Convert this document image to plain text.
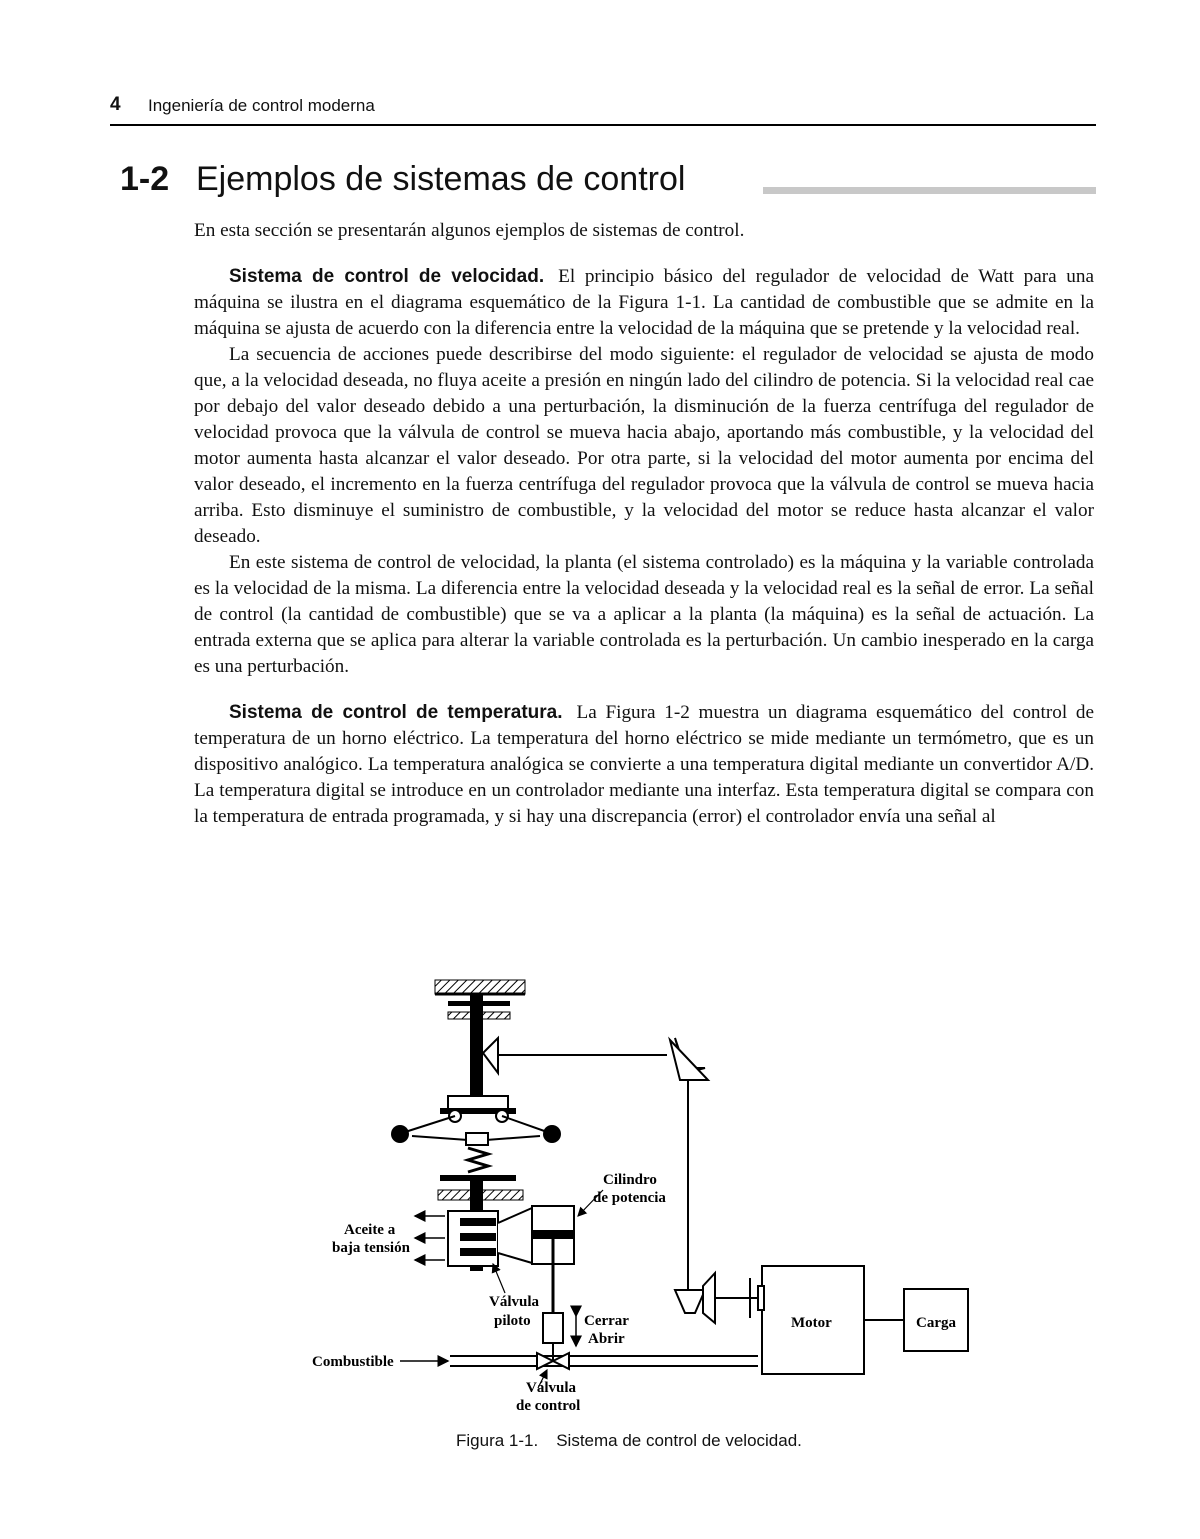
4 Ingeniería de control moderna
1-2 Ejemplos de sistemas de control

En esta sección se presentarán algunos ejemplos de sistemas de control.

Sistema de control de velocidad. El principio básico del regulador de velocidad de Watt para una máquina se ilustra en el diagrama esquemático de la Figura 1-1. La cantidad de combustible que se admite en la máquina se ajusta de acuerdo con la diferencia entre la velocidad de la máquina que se pretende y la velocidad real.

La secuencia de acciones puede describirse del modo siguiente: el regulador de velocidad se ajusta de modo que, a la velocidad deseada, no fluya aceite a presión en ningún lado del cilindro de potencia. Si la velocidad real cae por debajo del valor deseado debido a una perturbación, la disminución de la fuerza centrífuga del regulador de velocidad provoca que la válvula de control se mueva hacia abajo, aportando más combustible, y la velocidad del motor aumenta hasta alcanzar el valor deseado. Por otra parte, si la velocidad del motor aumenta por encima del valor deseado, el incremento en la fuerza centrífuga del regulador provoca que la válvula de control se mueva hacia arriba. Esto disminuye el suministro de combustible, y la velocidad del motor se reduce hasta alcanzar el valor deseado.

En este sistema de control de velocidad, la planta (el sistema controlado) es la máquina y la variable controlada es la velocidad de la misma. La diferencia entre la velocidad deseada y la velocidad real es la señal de error. La señal de control (la cantidad de combustible) que se va a aplicar a la planta (la máquina) es la señal de actuación. La entrada externa que se aplica para alterar la variable controlada es la perturbación. Un cambio inesperado en la carga es una perturbación.

Sistema de control de temperatura. La Figura 1-2 muestra un diagrama esquemático del control de temperatura de un horno eléctrico. La temperatura del horno eléctrico se mide mediante un termómetro, que es un dispositivo analógico. La temperatura analógica se convierte a una temperatura digital mediante un convertidor A/D. La temperatura digital se introduce en un controlador mediante una interfaz. Esta temperatura digital se compara con la temperatura de entrada programada, y si hay una discrepancia (error) el controlador envía una señal al

Cilindro
de potencia
Aceite a
baja tensión
Válvula
piloto	Cerrar
Abrir
Combustible
Válvula
de control
Motor	Carga
Figura 1-1. Sistema de control de velocidad.
